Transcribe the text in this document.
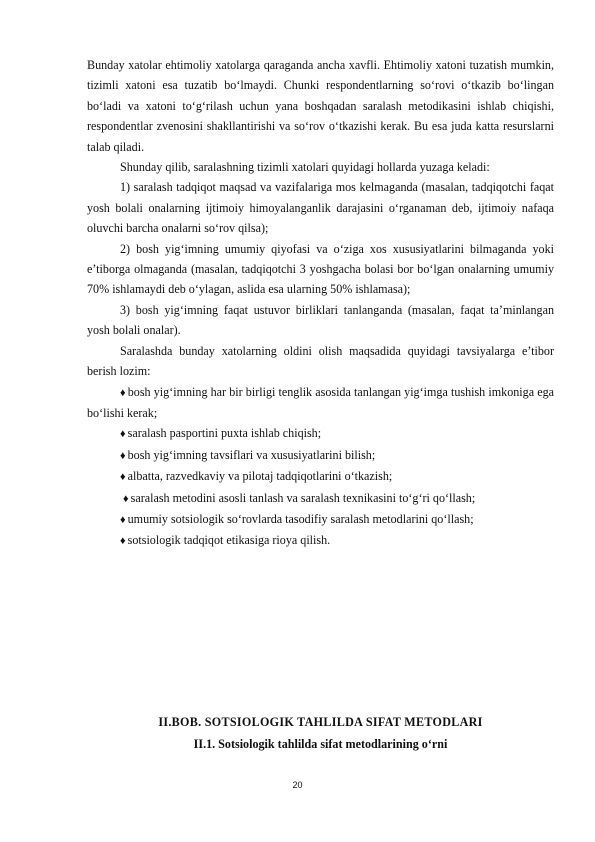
Bunday xatolar ehtimoliy xatolarga qaraganda ancha xavfli. Ehtimoliy xatoni tuzatish mumkin, tizimli xatoni esa tuzatib bo‘lmaydi. Chunki respondentlarning so‘rovi o‘tkazib bo‘lingan bo‘ladi va xatoni to‘g‘rilash uchun yana boshqadan saralash metodikasini ishlab chiqishi, respondentlar zvenosini shakllantirishi va so‘rov o‘tkazishi kerak. Bu esa juda katta resurslarni talab qiladi.

Shunday qilib, saralashning tizimli xatolari quyidagi hollarda yuzaga keladi:

1) saralash tadqiqot maqsad va vazifalariga mos kelmaganda (masalan, tadqiqotchi faqat yosh bolali onalarning ijtimoiy himoyalanganlik darajasini o‘rganaman deb, ijtimoiy nafaqa oluvchi barcha onalarni so‘rov qilsa);

2) bosh yig‘imning umumiy qiyofasi va o‘ziga xos xususiyatlarini bilmaganda yoki e’tiborga olmaganda (masalan, tadqiqotchi 3 yoshgacha bolasi bor bo‘lgan onalarning umumiy 70% ishlamaydi deb o‘ylagan, aslida esa ularning 50% ishlamasa);

3) bosh yig‘imning faqat ustuvor birliklari tanlanganda (masalan, faqat ta’minlangan yosh bolali onalar).

Saralashda bunday xatolarning oldini olish maqsadida quyidagi tavsiyalarga e’tibor berish lozim:

♦ bosh yig‘imning har bir birligi tenglik asosida tanlangan yig‘imga tushish imkoniga ega bo‘lishi kerak;

♦ saralash pasportini puxta ishlab chiqish;

♦ bosh yig‘imning tavsiflari va xususiyatlarini bilish;

♦ albatta, razvedkaviy va pilotaj tadqiqotlarini o‘tkazish;

♦ saralash metodini asosli tanlash va saralash texnikasini to‘g‘ri qo‘llash;

♦ umumiy sotsiologik so‘rovlarda tasodifiy saralash metodlarini qo‘llash;

♦ sotsiologik tadqiqot etikasiga rioya qilish.

II.BOB. SOTSIOLOGIK TAHLILDA SIFAT METODLARI
II.1. Sotsiologik tahlilda sifat metodlarining o‘rni
20
